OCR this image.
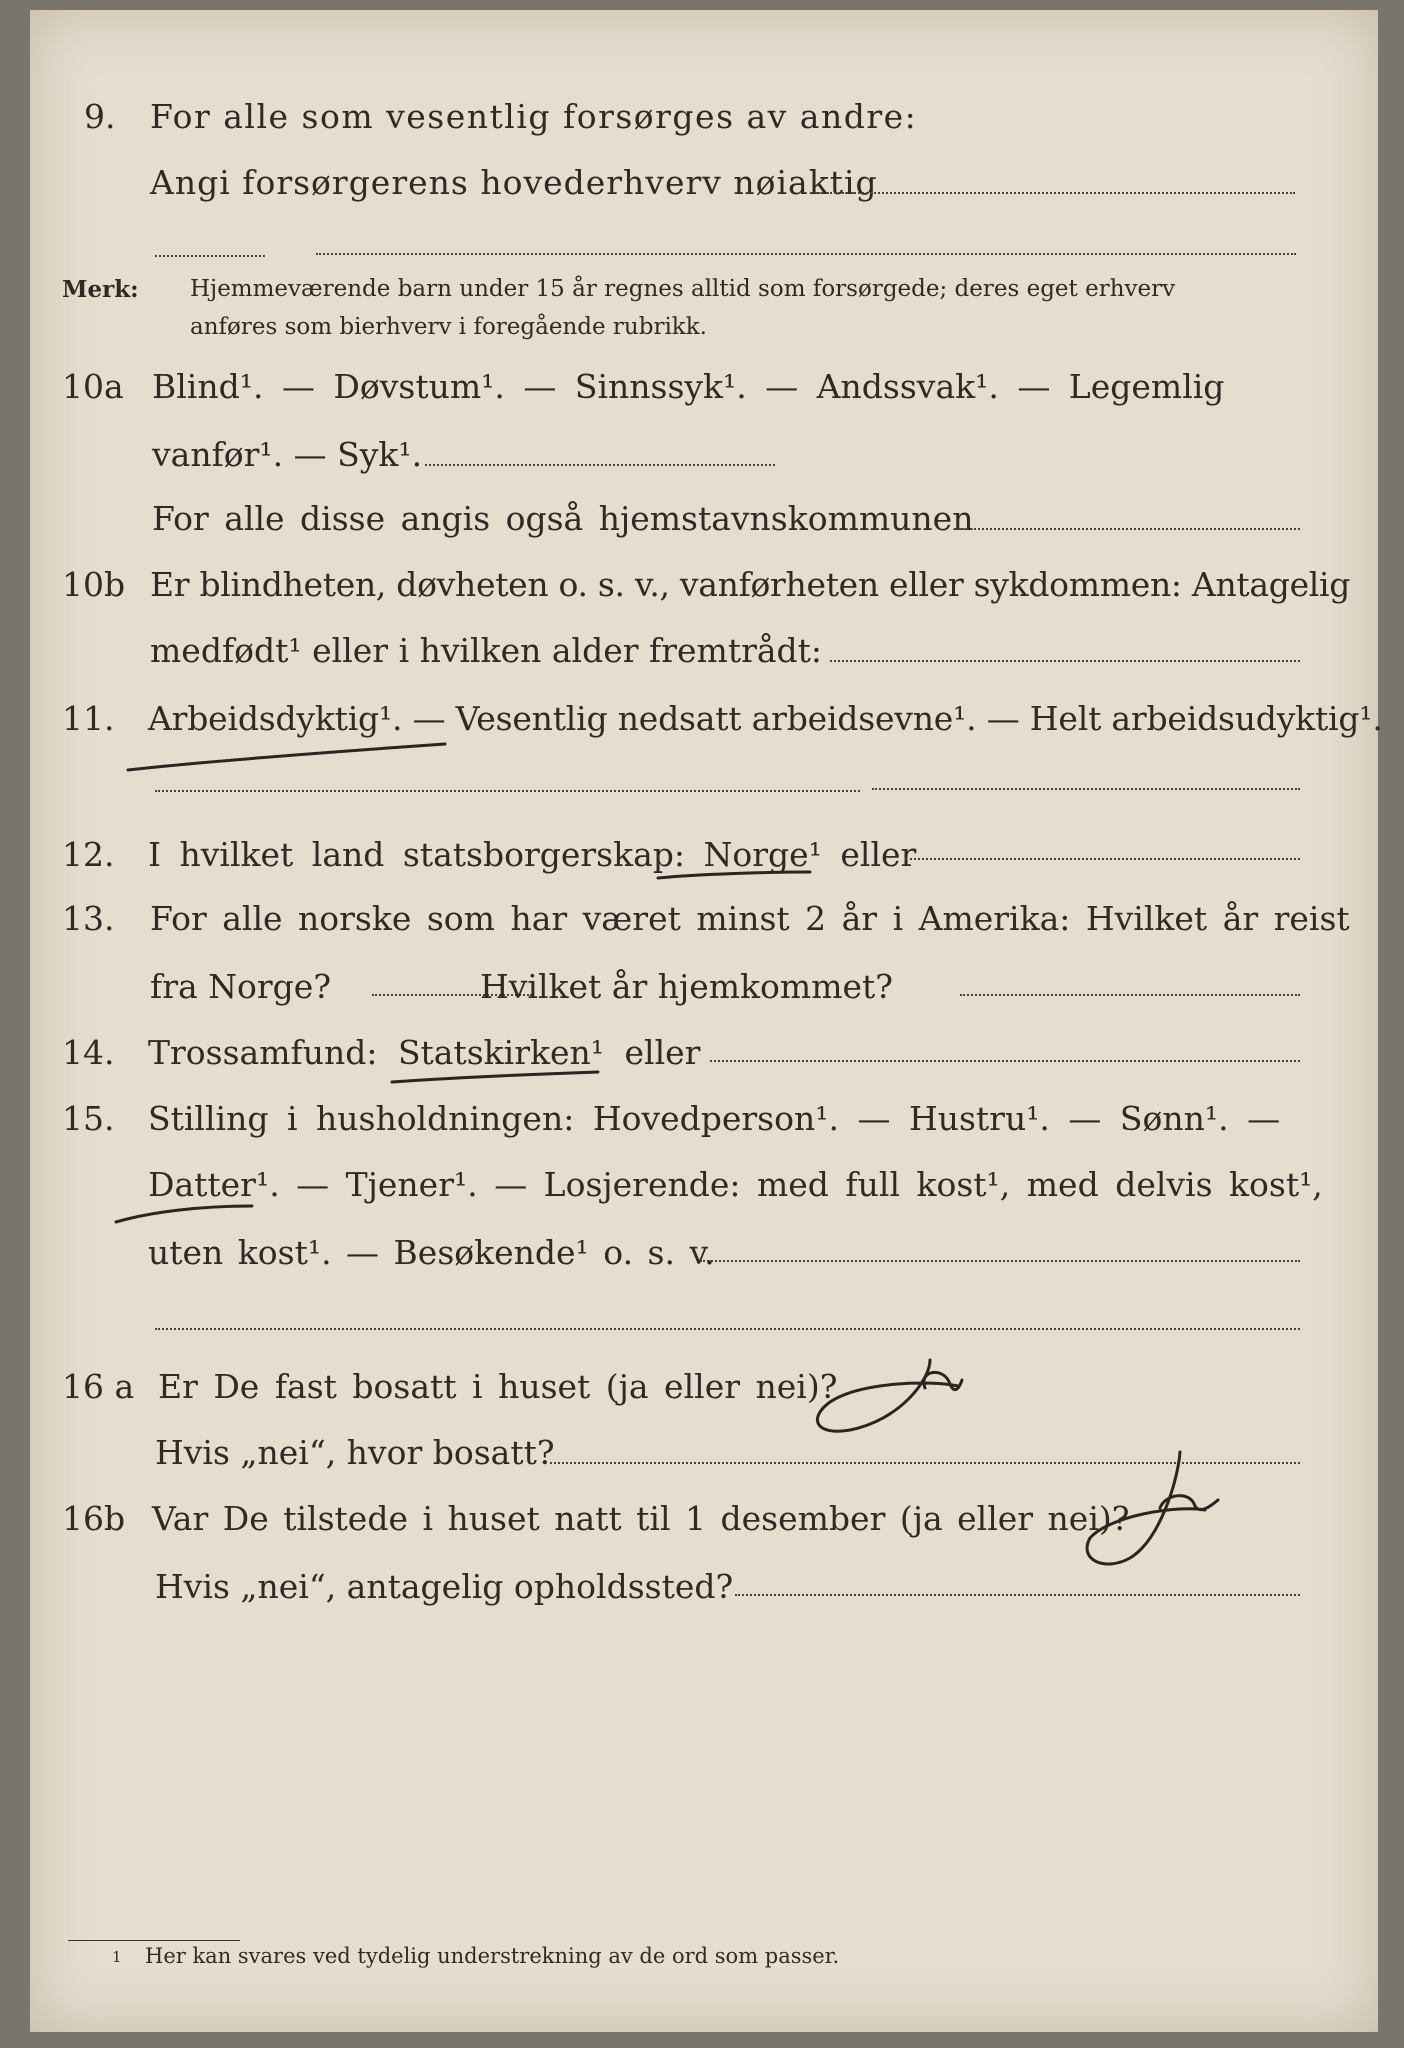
9. For alle som vesentlig forsørges av andre:
Angi forsørgerens hovederhverv nøiaktig
Merk: Hjemmeværende barn under 15 år regnes alltid som forsørgede; deres eget erhverv
anføres som bierhverv i foregående rubrikk.
10a Blind¹. — Døvstum¹. — Sinnssyk¹. — Andssvak¹. — Legemlig
vanfør¹. — Syk¹.
For alle disse angis også hjemstavnskommunen
10b Er blindheten, døvheten o. s. v., vanførheten eller sykdommen: Antagelig
medfødt¹ eller i hvilken alder fremtrådt:
11. Arbeidsdyktig¹. — Vesentlig nedsatt arbeidsevne¹. — Helt arbeidsudyktig¹.
12. I hvilket land statsborgerskap: Norge¹ eller
13. For alle norske som har været minst 2 år i Amerika: Hvilket år reist
fra Norge?	Hvilket år hjemkommet?
14. Trossamfund: Statskirken¹ eller
15. Stilling i husholdningen: Hovedperson¹. — Hustru¹. — Sønn¹. —
Datter¹. — Tjener¹. — Losjerende: med full kost¹, med delvis kost¹,
uten kost¹. — Besøkende¹ o. s. v.
16 a Er De fast bosatt i huset (ja eller nei)?
Hvis „nei“, hvor bosatt?
16b Var De tilstede i huset natt til 1 desember (ja eller nei)?
Hvis „nei“, antagelig opholdssted?
1 Her kan svares ved tydelig understrekning av de ord som passer.
